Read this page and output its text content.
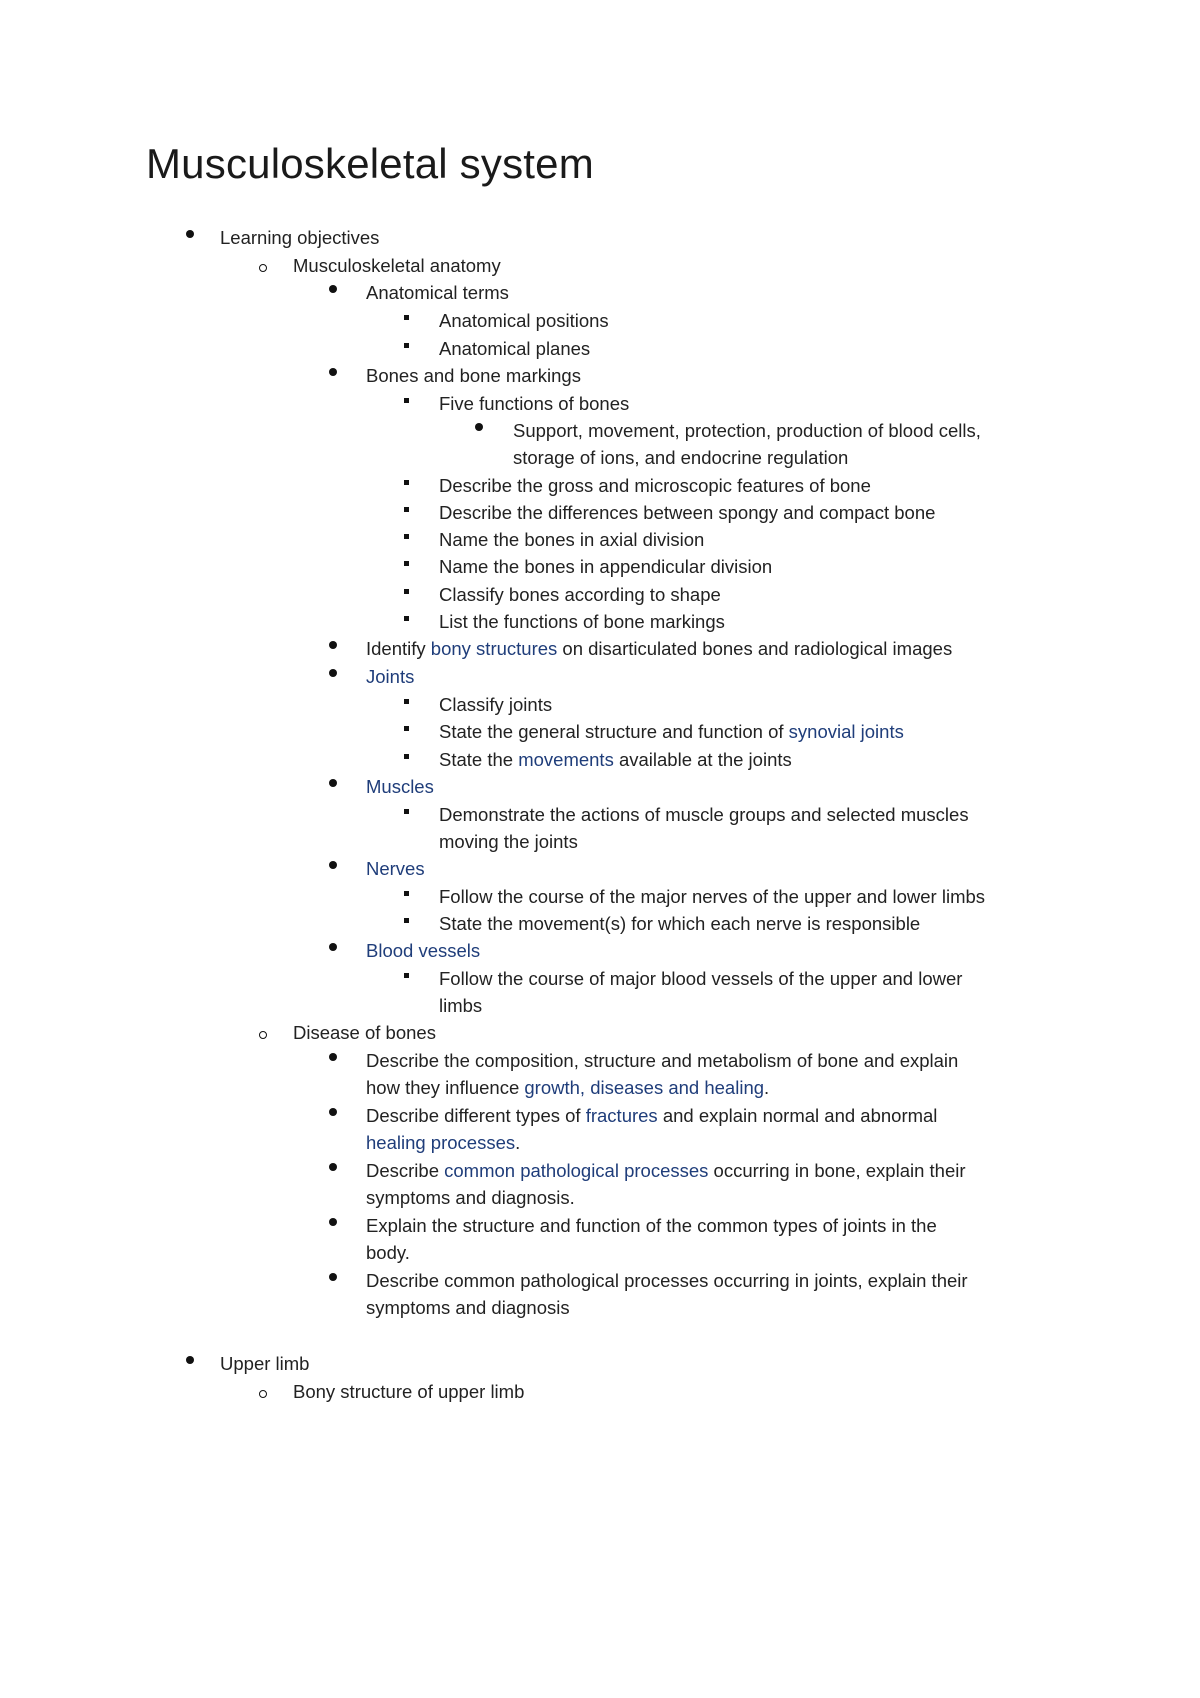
Musculoskeletal system
Learning objectives
Musculoskeletal anatomy
Anatomical terms
Anatomical positions
Anatomical planes
Bones and bone markings
Five functions of bones
Support, movement, protection, production of blood cells,
storage of ions, and endocrine regulation
Describe the gross and microscopic features of bone
Describe the differences between spongy and compact bone
Name the bones in axial division
Name the bones in appendicular division
Classify bones according to shape
List the functions of bone markings
Identify bony structures on disarticulated bones and radiological images
Joints
Classify joints
State the general structure and function of synovial joints
State the movements available at the joints
Muscles
Demonstrate the actions of muscle groups and selected muscles
moving the joints
Nerves
Follow the course of the major nerves of the upper and lower limbs
State the movement(s) for which each nerve is responsible
Blood vessels
Follow the course of major blood vessels of the upper and lower
limbs
Disease of bones
Describe the composition, structure and metabolism of bone and explain
how they influence growth, diseases and healing.
Describe different types of fractures and explain normal and abnormal
healing processes.
Describe common pathological processes occurring in bone, explain their
symptoms and diagnosis.
Explain the structure and function of the common types of joints in the
body.
Describe common pathological processes occurring in joints, explain their
symptoms and diagnosis
Upper limb
Bony structure of upper limb
